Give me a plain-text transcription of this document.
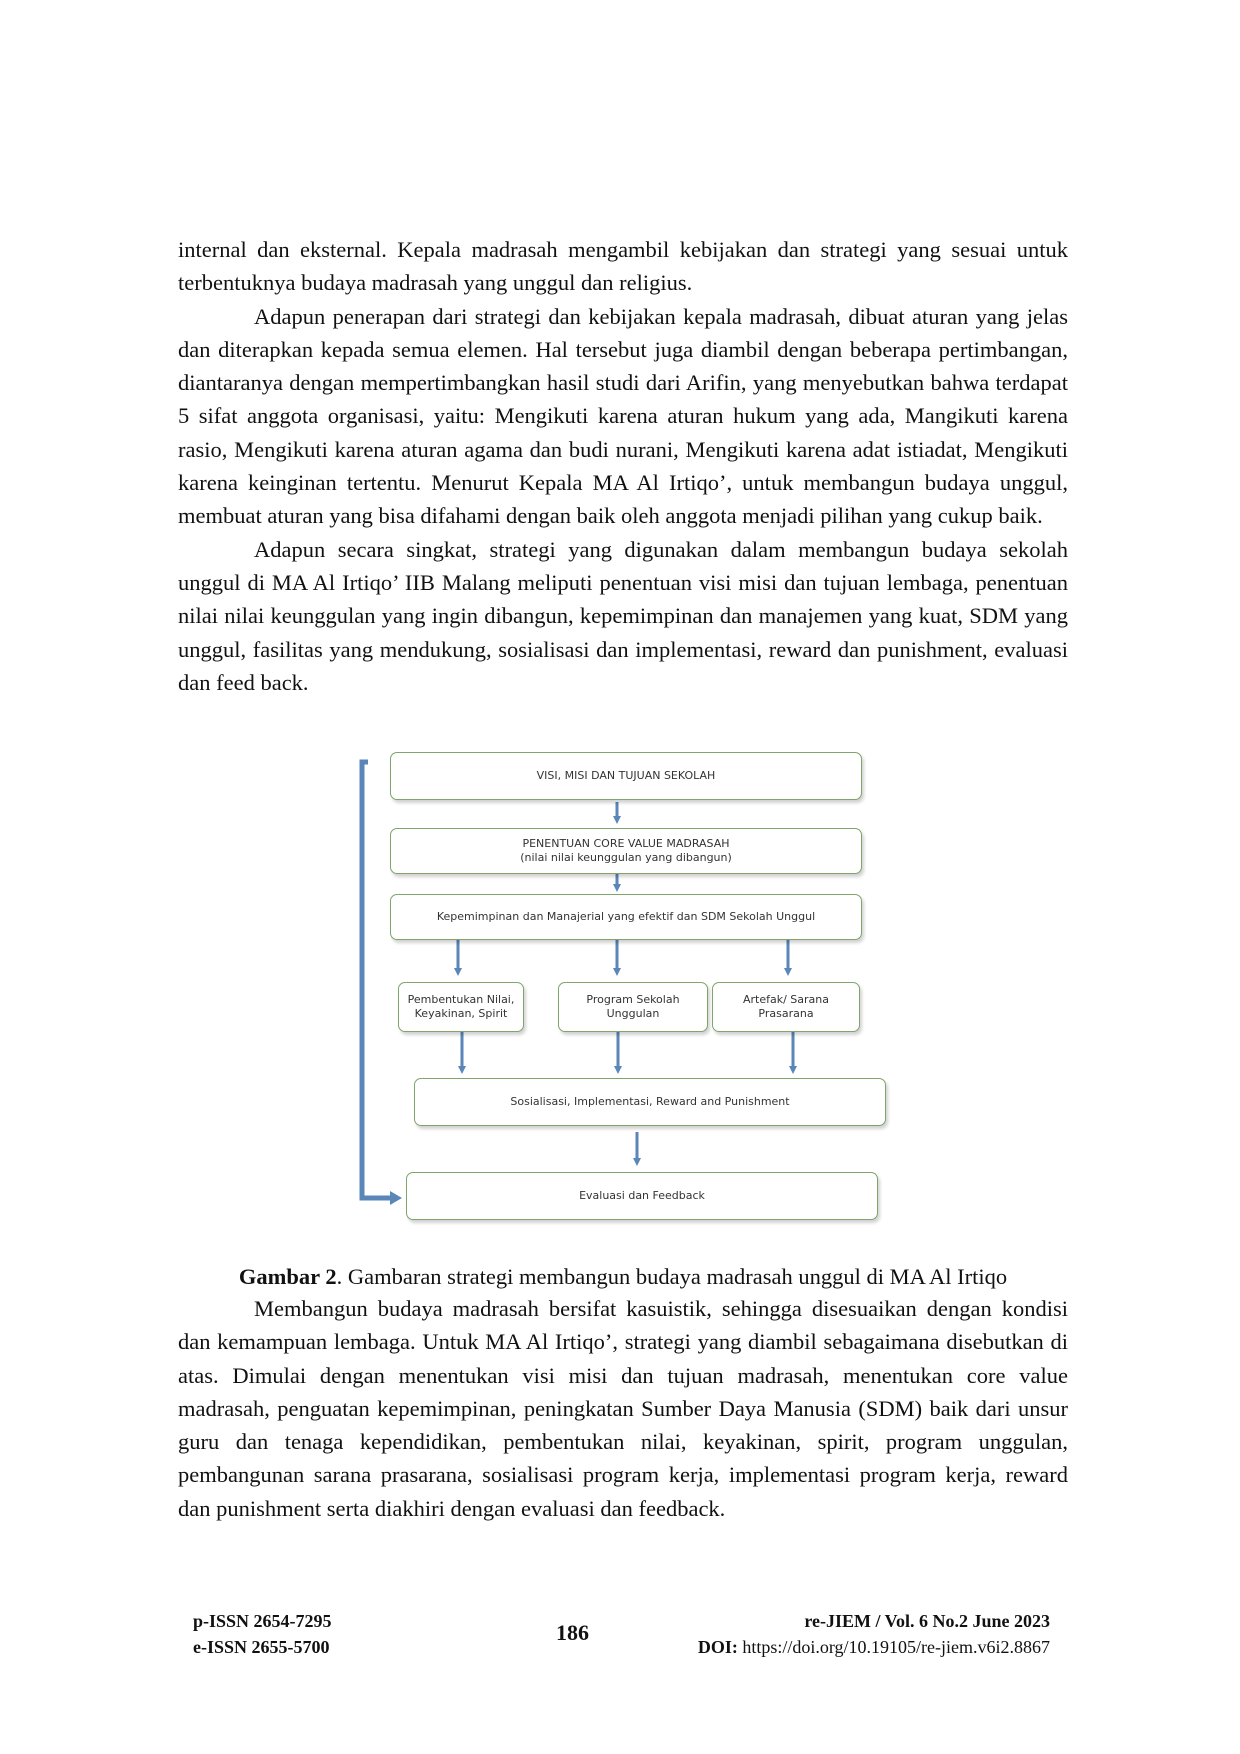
internal dan eksternal. Kepala madrasah mengambil kebijakan dan strategi yang sesuai untuk terbentuknya budaya madrasah yang unggul dan religius.

Adapun penerapan dari strategi dan kebijakan kepala madrasah, dibuat aturan yang jelas dan diterapkan kepada semua elemen. Hal tersebut juga diambil dengan beberapa pertimbangan, diantaranya dengan mempertimbangkan hasil studi dari Arifin, yang menyebutkan bahwa terdapat 5 sifat anggota organisasi, yaitu: Mengikuti karena aturan hukum yang ada, Mangikuti karena rasio, Mengikuti karena aturan agama dan budi nurani, Mengikuti karena adat istiadat, Mengikuti karena keinginan tertentu. Menurut Kepala MA Al Irtiqo’, untuk membangun budaya unggul, membuat aturan yang bisa difahami dengan baik oleh anggota menjadi pilihan yang cukup baik.

Adapun secara singkat, strategi yang digunakan dalam membangun budaya sekolah unggul di MA Al Irtiqo’ IIB Malang meliputi penentuan visi misi dan tujuan lembaga, penentuan nilai nilai keunggulan yang ingin dibangun, kepemimpinan dan manajemen yang kuat, SDM yang unggul, fasilitas yang mendukung, sosialisasi dan implementasi, reward dan punishment, evaluasi dan feed back.

VISI, MISI DAN TUJUAN SEKOLAH
PENENTUAN CORE VALUE MADRASAH
(nilai nilai keunggulan yang dibangun)
Kepemimpinan dan Manajerial yang efektif dan SDM Sekolah Unggul
Pembentukan Nilai,
Keyakinan, Spirit
Program Sekolah
Unggulan
Artefak/ Sarana
Prasarana
Sosialisasi, Implementasi, Reward and Punishment
Evaluasi dan Feedback
Gambar 2. Gambaran strategi membangun budaya madrasah unggul di MA Al Irtiqo

Membangun budaya madrasah bersifat kasuistik, sehingga disesuaikan dengan kondisi dan kemampuan lembaga. Untuk MA Al Irtiqo’, strategi yang diambil sebagaimana disebutkan di atas. Dimulai dengan menentukan visi misi dan tujuan madrasah, menentukan core value madrasah, penguatan kepemimpinan, peningkatan Sumber Daya Manusia (SDM) baik dari unsur guru dan tenaga kependidikan, pembentukan nilai, keyakinan, spirit, program unggulan, pembangunan sarana prasarana, sosialisasi program kerja, implementasi program kerja, reward dan punishment serta diakhiri dengan evaluasi dan feedback.

p-ISSN 2654-7295
e-ISSN 2655-5700
186	re-JIEM / Vol. 6 No.2 June 2023
DOI: https://doi.org/10.19105/re-jiem.v6i2.8867
